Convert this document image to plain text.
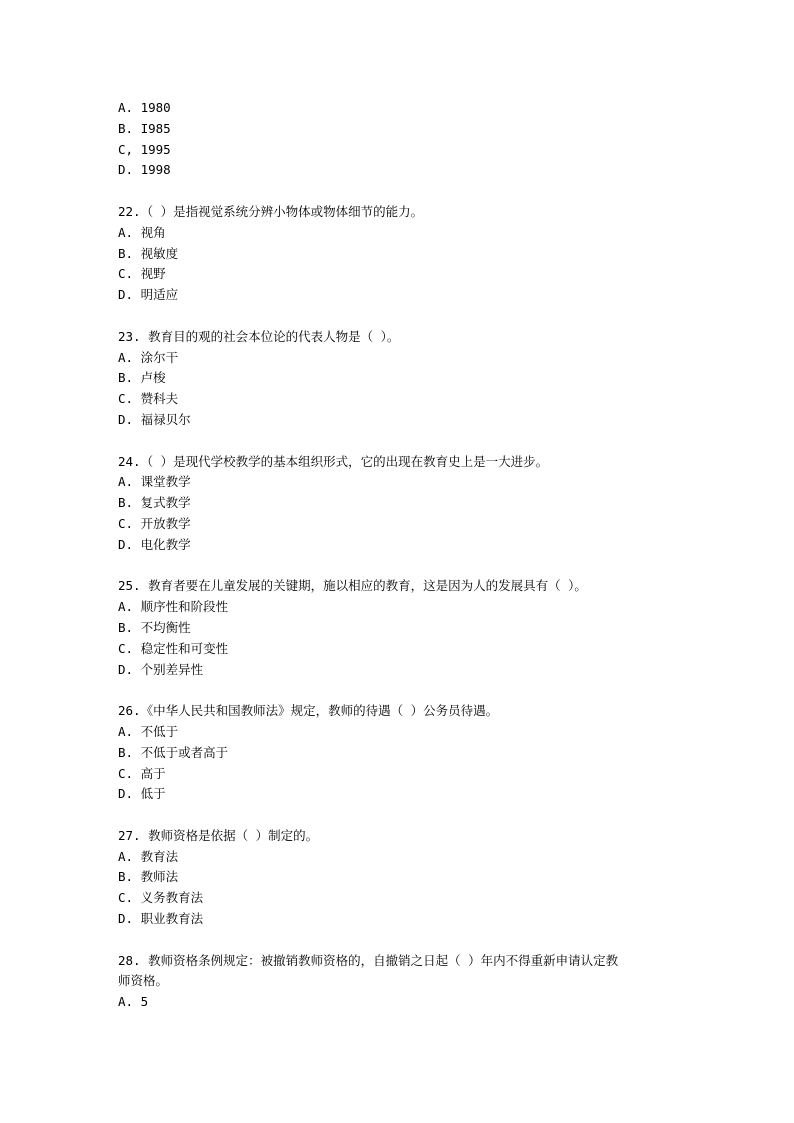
A. 1980
B. I985
C, 1995
D. 1998
22.（ ）是指视觉系统分辨小物体或物体细节的能力。
A. 视角
B. 视敏度
C. 视野
D. 明适应
23. 教育目的观的社会本位论的代表人物是（ ）。
A. 涂尔干
B. 卢梭
C. 赞科夫
D. 福禄贝尔
24.（ ）是现代学校教学的基本组织形式，它的出现在教育史上是一大进步。
A. 课堂教学
B. 复式教学
C. 开放教学
D. 电化教学
25. 教育者要在儿童发展的关键期，施以相应的教育，这是因为人的发展具有（ ）。
A. 顺序性和阶段性
B. 不均衡性
C. 稳定性和可变性
D. 个别差异性
26.《中华人民共和国教师法》规定，教师的待遇（ ）公务员待遇。
A. 不低于
B. 不低于或者高于
C. 高于
D. 低于
27. 教师资格是依据（ ）制定的。
A. 教育法
B. 教师法
C. 义务教育法
D. 职业教育法
28. 教师资格条例规定：被撤销教师资格的，自撤销之日起（ ）年内不得重新申请认定教
师资格。
A. 5
